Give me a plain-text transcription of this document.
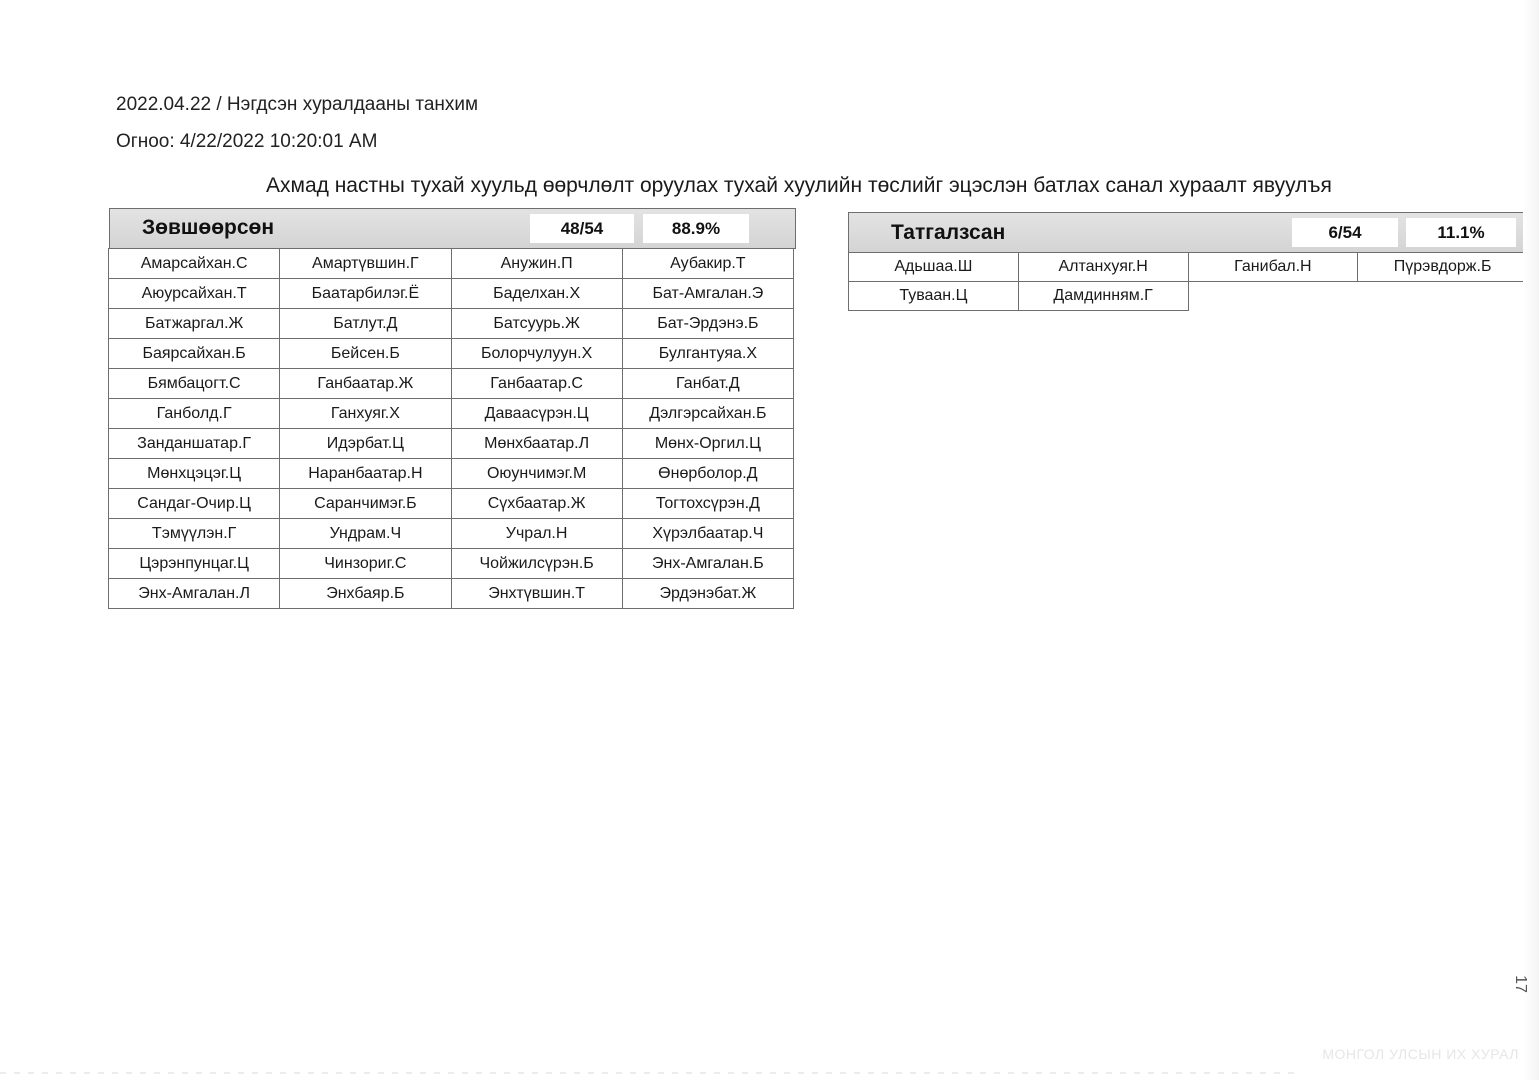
2022.04.22 / Нэгдсэн хуралдааны танхим
Огноо: 4/22/2022 10:20:01 AM
Ахмад настны тухай хуульд өөрчлөлт оруулах тухай хуулийн төслийг эцэслэн батлах санал хураалт явуулъя
Зөвшөөрсөн	48/54	88.9%
Амарсайхан.С	Амартүвшин.Г	Анужин.П	Аубакир.Т
Аюурсайхан.Т	Баатарбилэг.Ё	Баделхан.Х	Бат-Амгалан.Э
Батжаргал.Ж	Батлут.Д	Батсуурь.Ж	Бат-Эрдэнэ.Б
Баярсайхан.Б	Бейсен.Б	Болорчулуун.Х	Булгантуяа.Х
Бямбацогт.С	Ганбаатар.Ж	Ганбаатар.С	Ганбат.Д
Ганболд.Г	Ганхуяг.Х	Даваасүрэн.Ц	Дэлгэрсайхан.Б
Занданшатар.Г	Идэрбат.Ц	Мөнхбаатар.Л	Мөнх-Оргил.Ц
Мөнхцэцэг.Ц	Наранбаатар.Н	Оюунчимэг.М	Өнөрболор.Д
Сандаг-Очир.Ц	Саранчимэг.Б	Сүхбаатар.Ж	Тогтохсүрэн.Д
Тэмүүлэн.Г	Ундрам.Ч	Учрал.Н	Хүрэлбаатар.Ч
Цэрэнпунцаг.Ц	Чинзориг.С	Чойжилсүрэн.Б	Энх-Амгалан.Б
Энх-Амгалан.Л	Энхбаяр.Б	Энхтүвшин.Т	Эрдэнэбат.Ж
Татгалзсан	6/54	11.1%
Адьшаа.Ш	Алтанхуяг.Н	Ганибал.Н	Пүрэвдорж.Б
Туваан.Ц	Дамдинням.Г		
17
МОНГОЛ УЛСЫН ИХ ХУРАЛ
